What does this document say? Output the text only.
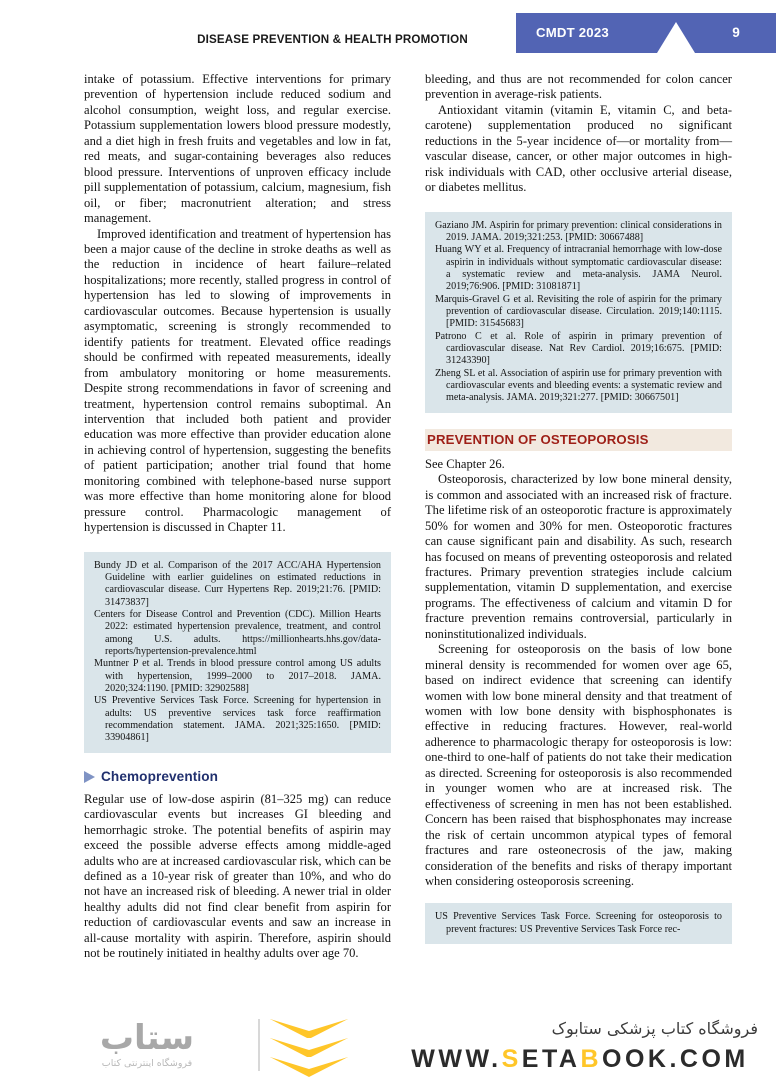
DISEASE PREVENTION & HEALTH PROMOTION	CMDT 2023	9

intake of potassium. Effective interventions for primary prevention of hypertension include reduced sodium and alcohol consumption, weight loss, and regular exercise. Potassium supplementation lowers blood pressure modestly, and a diet high in fresh fruits and vegetables and low in fat, red meats, and sugar-containing beverages also reduces blood pressure. Interventions of unproven efficacy include pill supplementation of potassium, calcium, magnesium, fish oil, or fiber; macronutrient alteration; and stress management.

Improved identification and treatment of hypertension has been a major cause of the decline in stroke deaths as well as the reduction in incidence of heart failure–related hospitalizations; more recently, stalled progress in control of hypertension has led to slowing of improvements in cardiovascular outcomes. Because hypertension is usually asymptomatic, screening is strongly recommended to identify patients for treatment. Elevated office readings should be confirmed with repeated measurements, ideally from ambulatory monitoring or home measurements. Despite strong recommendations in favor of screening and treatment, hypertension control remains suboptimal. An intervention that included both patient and provider education was more effective than provider education alone in achieving control of hypertension, suggesting the benefits of patient participation; another trial found that home monitoring combined with telephone-based nurse support was more effective than home monitoring alone for blood pressure control. Pharmacologic management of hypertension is discussed in Chapter 11.

Bundy JD et al. Comparison of the 2017 ACC/AHA Hypertension Guideline with earlier guidelines on estimated reductions in cardiovascular disease. Curr Hypertens Rep. 2019;21:76. [PMID: 31473837]

Centers for Disease Control and Prevention (CDC). Million Hearts 2022: estimated hypertension prevalence, treatment, and control among U.S. adults. https://millionhearts.hhs.gov/data-reports/hypertension-prevalence.html

Muntner P et al. Trends in blood pressure control among US adults with hypertension, 1999–2000 to 2017–2018. JAMA. 2020;324:1190. [PMID: 32902588]

US Preventive Services Task Force. Screening for hypertension in adults: US preventive services task force reaffirmation recommendation statement. JAMA. 2021;325:1650. [PMID: 33904861]

Chemoprevention

Regular use of low-dose aspirin (81–325 mg) can reduce cardiovascular events but increases GI bleeding and hemorrhagic stroke. The potential benefits of aspirin may exceed the possible adverse effects among middle-aged adults who are at increased cardiovascular risk, which can be defined as a 10-year risk of greater than 10%, and who do not have an increased risk of bleeding. A newer trial in older healthy adults did not find clear benefit from aspirin for reduction of cardiovascular events and saw an increase in all-cause mortality with aspirin. Therefore, aspirin should not be routinely initiated in healthy adults over age 70.

bleeding, and thus are not recommended for colon cancer prevention in average-risk patients.

Antioxidant vitamin (vitamin E, vitamin C, and beta-carotene) supplementation produced no significant reductions in the 5-year incidence of—or mortality from—vascular disease, cancer, or other major outcomes in high-risk individuals with CAD, other occlusive arterial disease, or diabetes mellitus.

Gaziano JM. Aspirin for primary prevention: clinical considerations in 2019. JAMA. 2019;321:253. [PMID: 30667488]

Huang WY et al. Frequency of intracranial hemorrhage with low-dose aspirin in individuals without symptomatic cardiovascular disease: a systematic review and meta-analysis. JAMA Neurol. 2019;76:906. [PMID: 31081871]

Marquis-Gravel G et al. Revisiting the role of aspirin for the primary prevention of cardiovascular disease. Circulation. 2019;140:1115. [PMID: 31545683]

Patrono C et al. Role of aspirin in primary prevention of cardiovascular disease. Nat Rev Cardiol. 2019;16:675. [PMID: 31243390]

Zheng SL et al. Association of aspirin use for primary prevention with cardiovascular events and bleeding events: a systematic review and meta-analysis. JAMA. 2019;321:277. [PMID: 30667501]

PREVENTION OF OSTEOPOROSIS

See Chapter 26.

Osteoporosis, characterized by low bone mineral density, is common and associated with an increased risk of fracture. The lifetime risk of an osteoporotic fracture is approximately 50% for women and 30% for men. Osteoporotic fractures can cause significant pain and disability. As such, research has focused on means of preventing osteoporosis and related fractures. Primary prevention strategies include calcium supplementation, vitamin D supplementation, and exercise programs. The effectiveness of calcium and vitamin D for fracture prevention remains controversial, particularly in noninstitutionalized individuals.

Screening for osteoporosis on the basis of low bone mineral density is recommended for women over age 65, based on indirect evidence that screening can identify women with low bone mineral density and that treatment of women with low bone density with bisphosphonates is effective in reducing fractures. However, real-world adherence to pharmacologic therapy for osteoporosis is low: one-third to one-half of patients do not take their medication as directed. Screening for osteoporosis is also recommended in younger women who are at increased risk. The effectiveness of screening in men has not been established. Concern has been raised that bisphosphonates may increase the risk of certain uncommon atypical types of femoral fractures and rare osteonecrosis of the jaw, making consideration of the benefits and risks of therapy important when considering osteoporosis screening.

US Preventive Services Task Force. Screening for osteoporosis to prevent fractures: US Preventive Services Task Force rec-

ستاب
فروشگاه اینترنتی کتاب
فروشگاه کتاب پزشکی ستابوک
WWW.SETABOOK.COM
